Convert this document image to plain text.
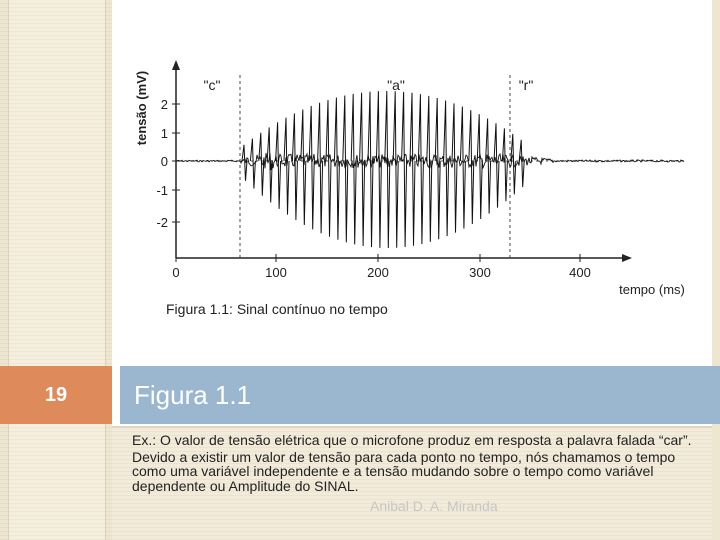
2
1
0
-1
-2
0	100	200	300	400
tensão (mV)	"c"	"a"	"r"
tempo (ms)
Figura 1.1: Sinal contínuo no tempo
19	Figura 1.1

Ex.: O valor de tensão elétrica que o microfone produz em resposta a palavra falada “car”.

Devido a existir um valor de tensão para cada ponto no tempo, nós chamamos o tempo como uma variável independente e a tensão mudando sobre o tempo como variável dependente ou Amplitude do SINAL.

Anibal D. A. Miranda
